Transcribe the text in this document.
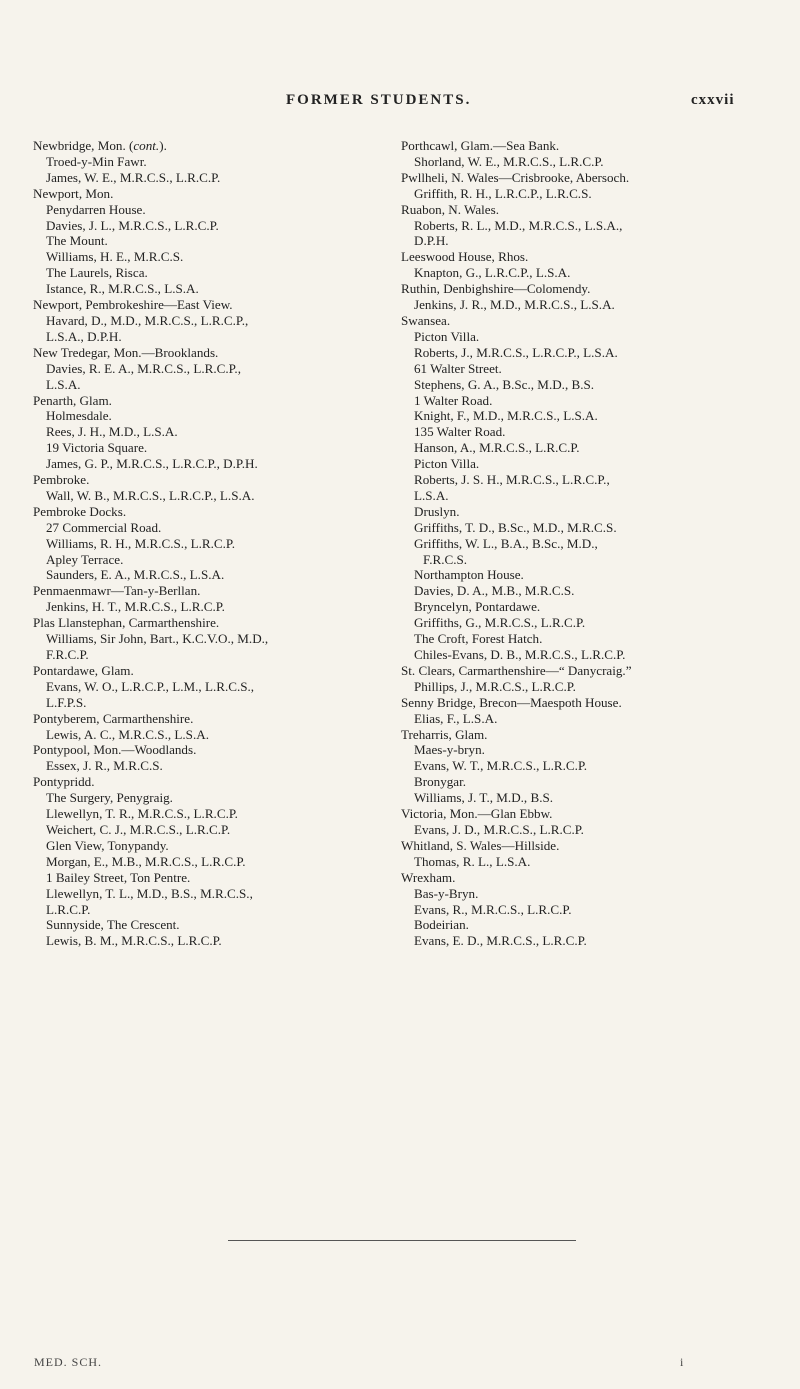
FORMER STUDENTS.	cxxvii
Newbridge, Mon. (cont.).
Troed-y-Min Fawr.
James, W. E., M.R.C.S., L.R.C.P.
Newport, Mon.
Penydarren House.
Davies, J. L., M.R.C.S., L.R.C.P.
The Mount.
Williams, H. E., M.R.C.S.
The Laurels, Risca.
Istance, R., M.R.C.S., L.S.A.
Newport, Pembrokeshire—East View.
Havard, D., M.D., M.R.C.S., L.R.C.P.,
L.S.A., D.P.H.
New Tredegar, Mon.—Brooklands.
Davies, R. E. A., M.R.C.S., L.R.C.P.,
L.S.A.
Penarth, Glam.
Holmesdale.
Rees, J. H., M.D., L.S.A.
19 Victoria Square.
James, G. P., M.R.C.S., L.R.C.P., D.P.H.
Pembroke.
Wall, W. B., M.R.C.S., L.R.C.P., L.S.A.
Pembroke Docks.
27 Commercial Road.
Williams, R. H., M.R.C.S., L.R.C.P.
Apley Terrace.
Saunders, E. A., M.R.C.S., L.S.A.
Penmaenmawr—Tan-y-Berllan.
Jenkins, H. T., M.R.C.S., L.R.C.P.
Plas Llanstephan, Carmarthenshire.
Williams, Sir John, Bart., K.C.V.O., M.D.,
F.R.C.P.
Pontardawe, Glam.
Evans, W. O., L.R.C.P., L.M., L.R.C.S.,
L.F.P.S.
Pontyberem, Carmarthenshire.
Lewis, A. C., M.R.C.S., L.S.A.
Pontypool, Mon.—Woodlands.
Essex, J. R., M.R.C.S.
Pontypridd.
The Surgery, Penygraig.
Llewellyn, T. R., M.R.C.S., L.R.C.P.
Weichert, C. J., M.R.C.S., L.R.C.P.
Glen View, Tonypandy.
Morgan, E., M.B., M.R.C.S., L.R.C.P.
1 Bailey Street, Ton Pentre.
Llewellyn, T. L., M.D., B.S., M.R.C.S.,
L.R.C.P.
Sunnyside, The Crescent.
Lewis, B. M., M.R.C.S., L.R.C.P.
Porthcawl, Glam.—Sea Bank.
Shorland, W. E., M.R.C.S., L.R.C.P.
Pwllheli, N. Wales—Crisbrooke, Abersoch.
Griffith, R. H., L.R.C.P., L.R.C.S.
Ruabon, N. Wales.
Roberts, R. L., M.D., M.R.C.S., L.S.A.,
D.P.H.
Leeswood House, Rhos.
Knapton, G., L.R.C.P., L.S.A.
Ruthin, Denbighshire—Colomendy.
Jenkins, J. R., M.D., M.R.C.S., L.S.A.
Swansea.
Picton Villa.
Roberts, J., M.R.C.S., L.R.C.P., L.S.A.
61 Walter Street.
Stephens, G. A., B.Sc., M.D., B.S.
1 Walter Road.
Knight, F., M.D., M.R.C.S., L.S.A.
135 Walter Road.
Hanson, A., M.R.C.S., L.R.C.P.
Picton Villa.
Roberts, J. S. H., M.R.C.S., L.R.C.P.,
L.S.A.
Druslyn.
Griffiths, T. D., B.Sc., M.D., M.R.C.S.
Griffiths, W. L., B.A., B.Sc., M.D.,
F.R.C.S.
Northampton House.
Davies, D. A., M.B., M.R.C.S.
Bryncelyn, Pontardawe.
Griffiths, G., M.R.C.S., L.R.C.P.
The Croft, Forest Hatch.
Chiles-Evans, D. B., M.R.C.S., L.R.C.P.
St. Clears, Carmarthenshire—“ Danycraig.”
Phillips, J., M.R.C.S., L.R.C.P.
Senny Bridge, Brecon—Maespoth House.
Elias, F., L.S.A.
Treharris, Glam.
Maes-y-bryn.
Evans, W. T., M.R.C.S., L.R.C.P.
Bronygar.
Williams, J. T., M.D., B.S.
Victoria, Mon.—Glan Ebbw.
Evans, J. D., M.R.C.S., L.R.C.P.
Whitland, S. Wales—Hillside.
Thomas, R. L., L.S.A.
Wrexham.
Bas-y-Bryn.
Evans, R., M.R.C.S., L.R.C.P.
Bodeirian.
Evans, E. D., M.R.C.S., L.R.C.P.
MED. SCH.	i
